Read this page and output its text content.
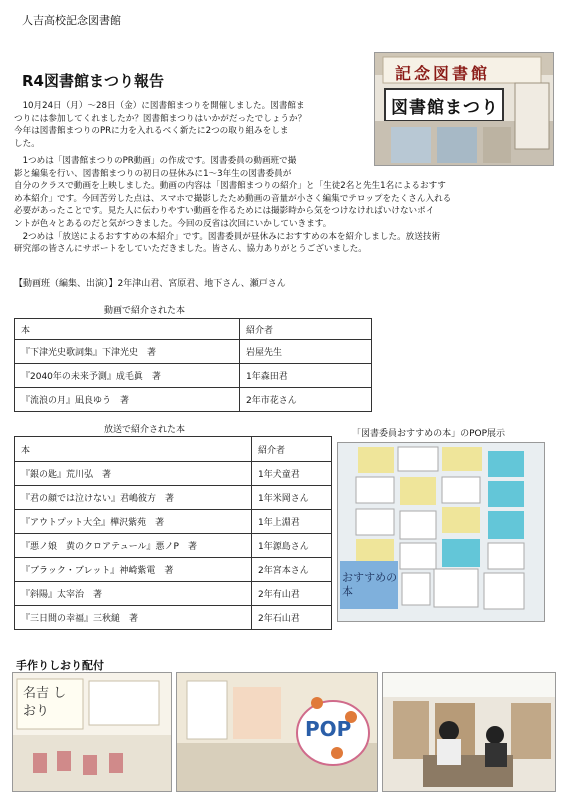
人吉高校記念図書館
R4図書館まつり報告	記念図書館
図書館まつり

　10月24日（月）～28日（金）に図書館まつりを開催しました。図書館ま
つりには参加してくれましたか？図書館まつりはいかがだったでしょうか？
今年は図書館まつりのPRに力を入れるべく新たに2つの取り組みをしま
した。

　1つめは「図書館まつりのPR動画」の作成です。図書委員の動画班で撮
影と編集を行い、図書館まつりの初日の昼休みに1～3年生の図書委員が
自分のクラスで動画を上映しました。動画の内容は「図書館まつりの紹介」と「生徒2名と先生1名によるおすす
め本紹介」です。今回苦労した点は、スマホで撮影したため動画の音量が小さく編集でテロップをたくさん入れる
必要があったことです。見た人に伝わりやすい動画を作るためには撮影時から気をつけなければいけないポイ
ントが色々とあるのだと気がつきました。今回の反省は次回にいかしていきます。
　2つめは「放送によるおすすめの本紹介」です。図書委員が昼休みにおすすめの本を紹介しました。放送技術
研究部の皆さんにサポートをしていただきました。皆さん、協力ありがとうございました。

【動画班（編集、出演）】2年津山君、宮原君、地下さん、瀬戸さん
動画で紹介された本
本	紹介者
『下津光史歌詞集』下津光史　著	岩屋先生
『2040年の未来予測』成毛眞　著	1年森田君
『流浪の月』凪良ゆう　著	2年市花さん
放送で紹介された本
本	紹介者
『銀の匙』荒川弘　著	1年犬童君
『君の顔では泣けない』君嶋彼方　著	1年米岡さん
『アウトプット大全』樺沢紫苑　著	1年上淵君
『悪ノ娘　黄のクロアテュール』悪ノP　著	1年源島さん
『ブラック・ブレット』神崎紫電　著	2年宮本さん
『斜陽』太宰治　著	2年有山君
『三日間の幸福』三秋縋　著	2年石山君
「図書委員おすすめの本」のPOP展示
おすすめの本
手作りしおり配付
名吉 しおり
POP
